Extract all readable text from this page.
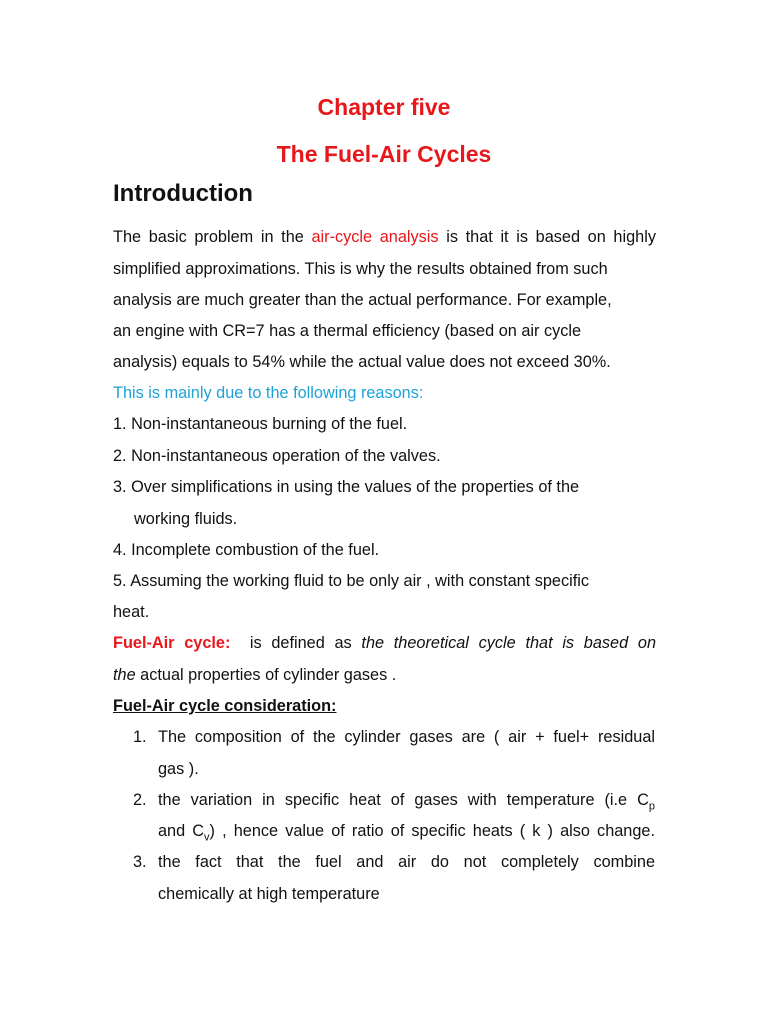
Chapter five
The Fuel-Air Cycles
Introduction
The basic problem in the air-cycle analysis is that it is based on highly
simplified approximations. This is why the results obtained from such
analysis are much greater than the actual performance. For example,
an engine with CR=7 has a thermal efficiency (based on air cycle
analysis) equals to 54% while the actual value does not exceed 30%.
This is mainly due to the following reasons:
1. Non-instantaneous burning of the fuel.
2. Non-instantaneous operation of the valves.
3. Over simplifications in using the values of the properties of the
working fluids.
4. Incomplete combustion of the fuel.
5. Assuming the working fluid to be only air , with constant specific
heat.
Fuel-Air cycle: is defined as the theoretical cycle that is based on
the actual properties of cylinder gases .
Fuel-Air cycle consideration:
1. The composition of the cylinder gases are ( air + fuel+ residual
gas ).
2. the variation in specific heat of gases with temperature (i.e $C_p$
and $C_v$) , hence value of ratio of specific heats ( k ) also change.
3. the fact that the fuel and air do not completely combine
chemically at high temperature
